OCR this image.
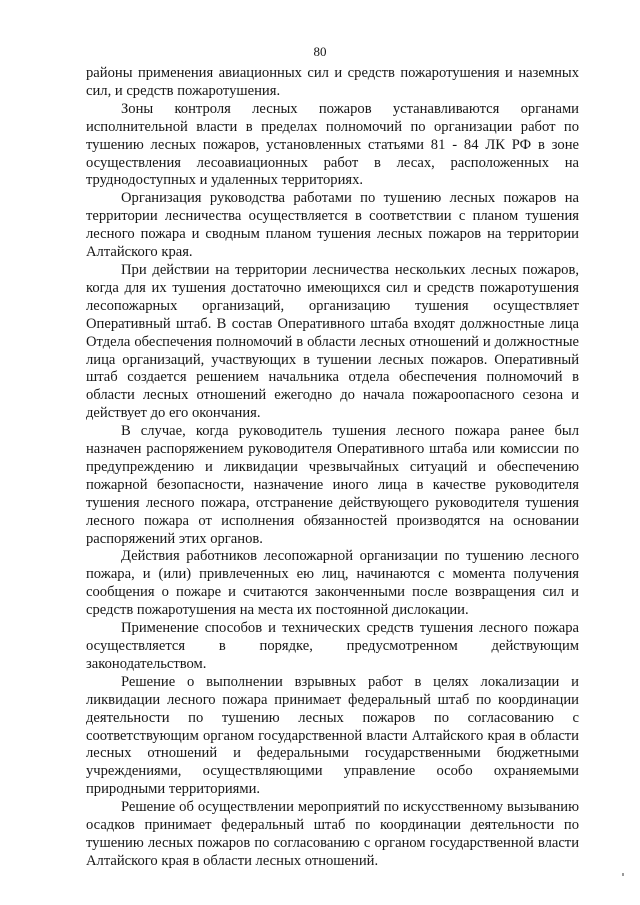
80

районы применения авиационных сил и средств пожаротушения и наземных сил, и средств пожаротушения.

Зоны контроля лесных пожаров устанавливаются органами исполнительной власти в пределах полномочий по организации работ по тушению лесных пожаров, установленных статьями 81 - 84 ЛК РФ в зоне осуществления лесоавиационных работ в лесах, расположенных на труднодоступных и удаленных территориях.

Организация руководства работами по тушению лесных пожаров на территории лесничества осуществляется в соответствии с планом тушения лесного пожара и сводным планом тушения лесных пожаров на территории Алтайского края.

При действии на территории лесничества нескольких лесных пожаров, когда для их тушения достаточно имеющихся сил и средств пожаротушения лесопожарных организаций, организацию тушения осуществляет Оперативный штаб. В состав Оперативного штаба входят должностные лица Отдела обеспечения полномочий в области лесных отношений и должностные лица организаций, участвующих в тушении лесных пожаров. Оперативный штаб создается решением начальника отдела обеспечения полномочий в области лесных отношений ежегодно до начала пожароопасного сезона и действует до его окончания.

В случае, когда руководитель тушения лесного пожара ранее был назначен распоряжением руководителя Оперативного штаба или комиссии по предупреждению и ликвидации чрезвычайных ситуаций и обеспечению пожарной безопасности, назначение иного лица в качестве руководителя тушения лесного пожара, отстранение действующего руководителя тушения лесного пожара от исполнения обязанностей производятся на основании распоряжений этих органов.

Действия работников лесопожарной организации по тушению лесного пожара, и (или) привлеченных ею лиц, начинаются с момента получения сообщения о пожаре и считаются законченными после возвращения сил и средств пожаротушения на места их постоянной дислокации.

Применение способов и технических средств тушения лесного пожара осуществляется в порядке, предусмотренном действующим законодательством.

Решение о выполнении взрывных работ в целях локализации и ликвидации лесного пожара принимает федеральный штаб по координации деятельности по тушению лесных пожаров по согласованию с соответствующим органом государственной власти Алтайского края в области лесных отношений и федеральными государственными бюджетными учреждениями, осуществляющими управление особо охраняемыми природными территориями.

Решение об осуществлении мероприятий по искусственному вызыванию осадков принимает федеральный штаб по координации деятельности по тушению лесных пожаров по согласованию с органом государственной власти Алтайского края в области лесных отношений.
